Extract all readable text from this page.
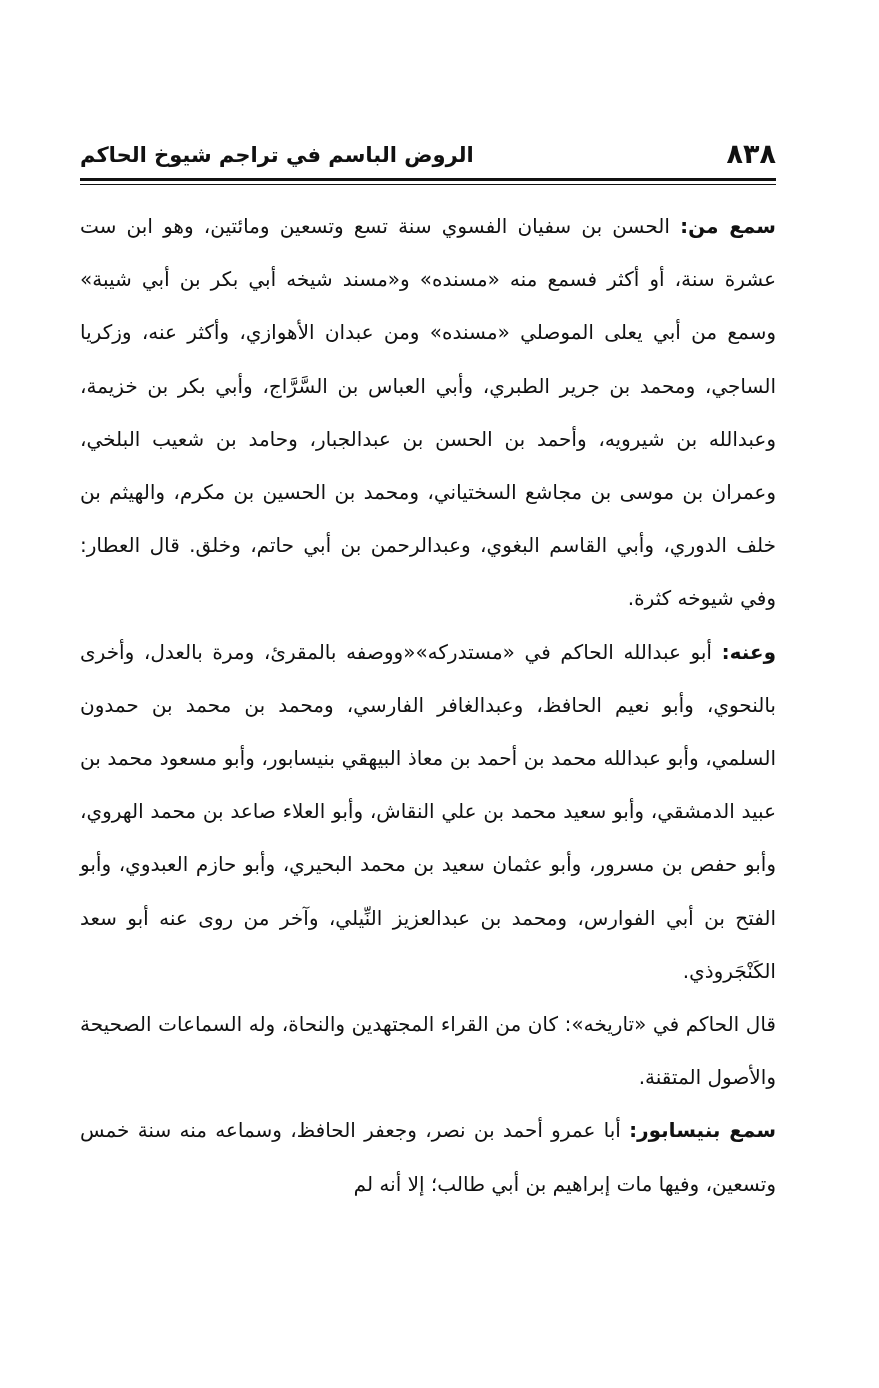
٨٣٨
الروض الباسم في تراجم شيوخ الحاكم

سمع من: الحسن بن سفيان الفسوي سنة تسع وتسعين ومائتين، وهو ابن ست عشرة سنة، أو أكثر فسمع منه «مسنده» و«مسند شيخه أبي بكر بن أبي شيبة» وسمع من أبي يعلى الموصلي «مسنده» ومن عبدان الأهوازي، وأكثر عنه، وزكريا الساجي، ومحمد بن جرير الطبري، وأبي العباس بن السَّرَّاج، وأبي بكر بن خزيمة، وعبدالله بن شيرويه، وأحمد بن الحسن بن عبدالجبار، وحامد بن شعيب البلخي، وعمران بن موسى بن مجاشع السختياني، ومحمد بن الحسين بن مكرم، والهيثم بن خلف الدوري، وأبي القاسم البغوي، وعبدالرحمن بن أبي حاتم، وخلق. قال العطار: وفي شيوخه كثرة.

وعنه: أبو عبدالله الحاكم في «مستدركه»«ووصفه بالمقرئ، ومرة بالعدل، وأخرى بالنحوي، وأبو نعيم الحافظ، وعبدالغافر الفارسي، ومحمد بن محمد بن حمدون السلمي، وأبو عبدالله محمد بن أحمد بن معاذ البيهقي بنيسابور، وأبو مسعود محمد بن عبيد الدمشقي، وأبو سعيد محمد بن علي النقاش، وأبو العلاء صاعد بن محمد الهروي، وأبو حفص بن مسرور، وأبو عثمان سعيد بن محمد البحيري، وأبو حازم العبدوي، وأبو الفتح بن أبي الفوارس، ومحمد بن عبدالعزيز النِّيلي، وآخر من روى عنه أبو سعد الكَنْجَروذي.

قال الحاكم في «تاريخه»: كان من القراء المجتهدين والنحاة، وله السماعات الصحيحة والأصول المتقنة.

سمع بنيسابور: أبا عمرو أحمد بن نصر، وجعفر الحافظ، وسماعه منه سنة خمس وتسعين، وفيها مات إبراهيم بن أبي طالب؛ إلا أنه لم
